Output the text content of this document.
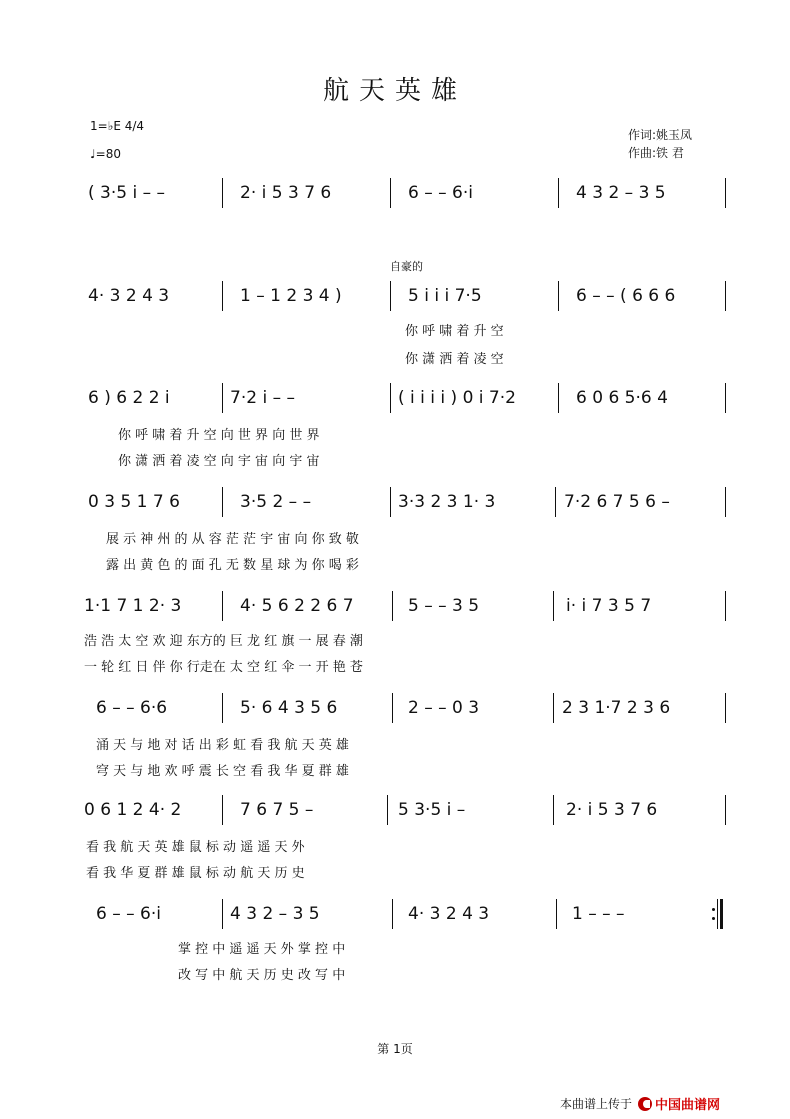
航天英雄
1=♭E 4/4
♩=80
作词:姚玉凤
作曲:铁 君
自豪的
( 3·5 i – –	2· i 5 3 7 6	6 – – 6·i	4 3 2 – 3 5
4· 3 2 4 3	1 – 1 2 3 4 )	5 i i i 7·5	6 – – ( 6 6 6
你 呼 啸 着 升 空
你 潇 洒 着 凌 空
6 ) 6 2 2 i	7·2 i – –	( i i i i ) 0 i 7·2	6 0 6 5·6 4
你 呼 啸 着 升 空 向 世 界 向 世 界
你 潇 洒 着 凌 空 向 宇 宙 向 宇 宙
0 3 5 1 7 6	3·5 2 – –	3·3 2 3 1· 3	7·2 6 7 5 6 –
展 示 神 州 的 从 容 茫 茫 宇 宙 向 你 致 敬
露 出 黄 色 的 面 孔 无 数 星 球 为 你 喝 彩
1·1 7 1 2· 3	4· 5 6 2 2 6 7	5 – – 3 5	i· i 7 3 5 7
浩 浩 太 空 欢 迎 东方的 巨 龙 红 旗 一 展 春 潮
一 轮 红 日 伴 你 行走在 太 空 红 伞 一 开 艳 苍
6 – – 6·6	5· 6 4 3 5 6	2 – – 0 3	2 3 1·7 2 3 6
涌 天 与 地 对 话 出 彩 虹 看 我 航 天 英 雄
穹 天 与 地 欢 呼 震 长 空 看 我 华 夏 群 雄
0 6 1 2 4· 2	7 6 7 5 –	5 3·5 i –	2· i 5 3 7 6
看 我 航 天 英 雄 鼠 标 动 遥 遥 天 外
看 我 华 夏 群 雄 鼠 标 动 航 天 历 史
6 – – 6·i	4 3 2 – 3 5	4· 3 2 4 3	1 – – –
掌 控 中 遥 遥 天 外 掌 控 中
改 写 中 航 天 历 史 改 写 中
第 1页
本曲谱上传于 中国曲谱网
